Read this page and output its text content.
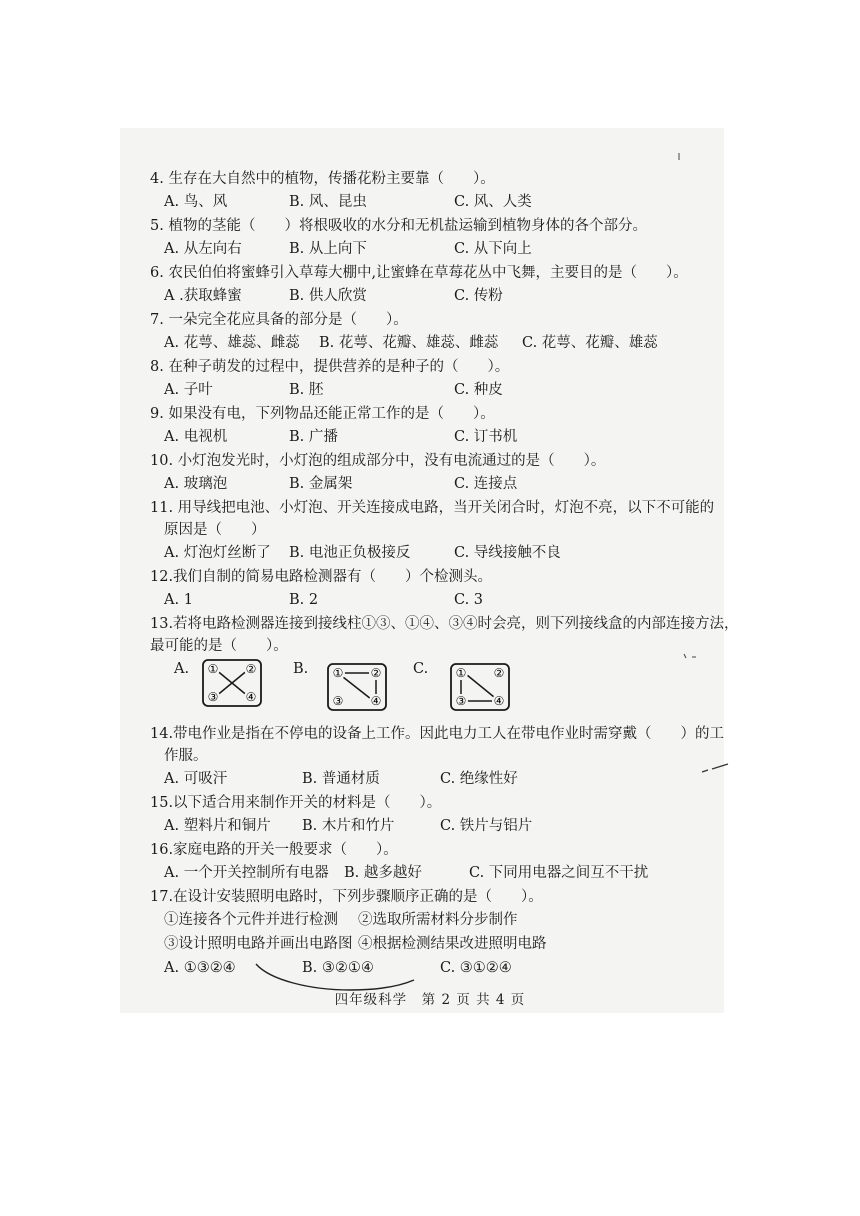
4. 生存在大自然中的植物，传播花粉主要靠（　　）。
A. 鸟、风	B. 风、昆虫	C. 风、人类
5. 植物的茎能（　　）将根吸收的水分和无机盐运输到植物身体的各个部分。
A. 从左向右	B. 从上向下	C. 从下向上
6. 农民伯伯将蜜蜂引入草莓大棚中,让蜜蜂在草莓花丛中飞舞，主要目的是（　　）。
A .获取蜂蜜	B. 供人欣赏	C. 传粉
7. 一朵完全花应具备的部分是（　　）。
A. 花萼、雄蕊、雌蕊	B. 花萼、花瓣、雄蕊、雌蕊	C. 花萼、花瓣、雄蕊
8. 在种子萌发的过程中，提供营养的是种子的（　　）。
A. 子叶	B. 胚	C. 种皮
9. 如果没有电，下列物品还能正常工作的是（　　）。
A. 电视机	B. 广播	C. 订书机
10. 小灯泡发光时，小灯泡的组成部分中，没有电流通过的是（　　）。
A. 玻璃泡	B. 金属架	C. 连接点
11. 用导线把电池、小灯泡、开关连接成电路，当开关闭合时，灯泡不亮，以下不可能的
原因是（　　）
A. 灯泡灯丝断了	B. 电池正负极接反	C. 导线接触不良
12.我们自制的简易电路检测器有（　　）个检测头。
A. 1	B. 2	C. 3
13.若将电路检测器连接到接线柱①③、①④、③④时会亮，则下列接线盒的内部连接方法，
最可能的是（　　）。
A. ① ②
③ ④
B. ① ②
③ ④
C. ① ②
③ ④
14.带电作业是指在不停电的设备上工作。因此电力工人在带电作业时需穿戴（　　）的工
作服。
A. 可吸汗	B. 普通材质	C. 绝缘性好
15.以下适合用来制作开关的材料是（　　）。
A. 塑料片和铜片	B. 木片和竹片	C. 铁片与铝片
16.家庭电路的开关一般要求（　　）。
A. 一个开关控制所有电器	B. 越多越好	C. 下同用电器之间互不干扰
17.在设计安装照明电路时，下列步骤顺序正确的是（　　）。
①连接各个元件并进行检测	②选取所需材料分步制作
③设计照明电路并画出电路图 ④根据检测结果改进照明电路
A. ①③②④	B. ③②①④	C. ③①②④
四年级科学　第 2 页 共 4 页
